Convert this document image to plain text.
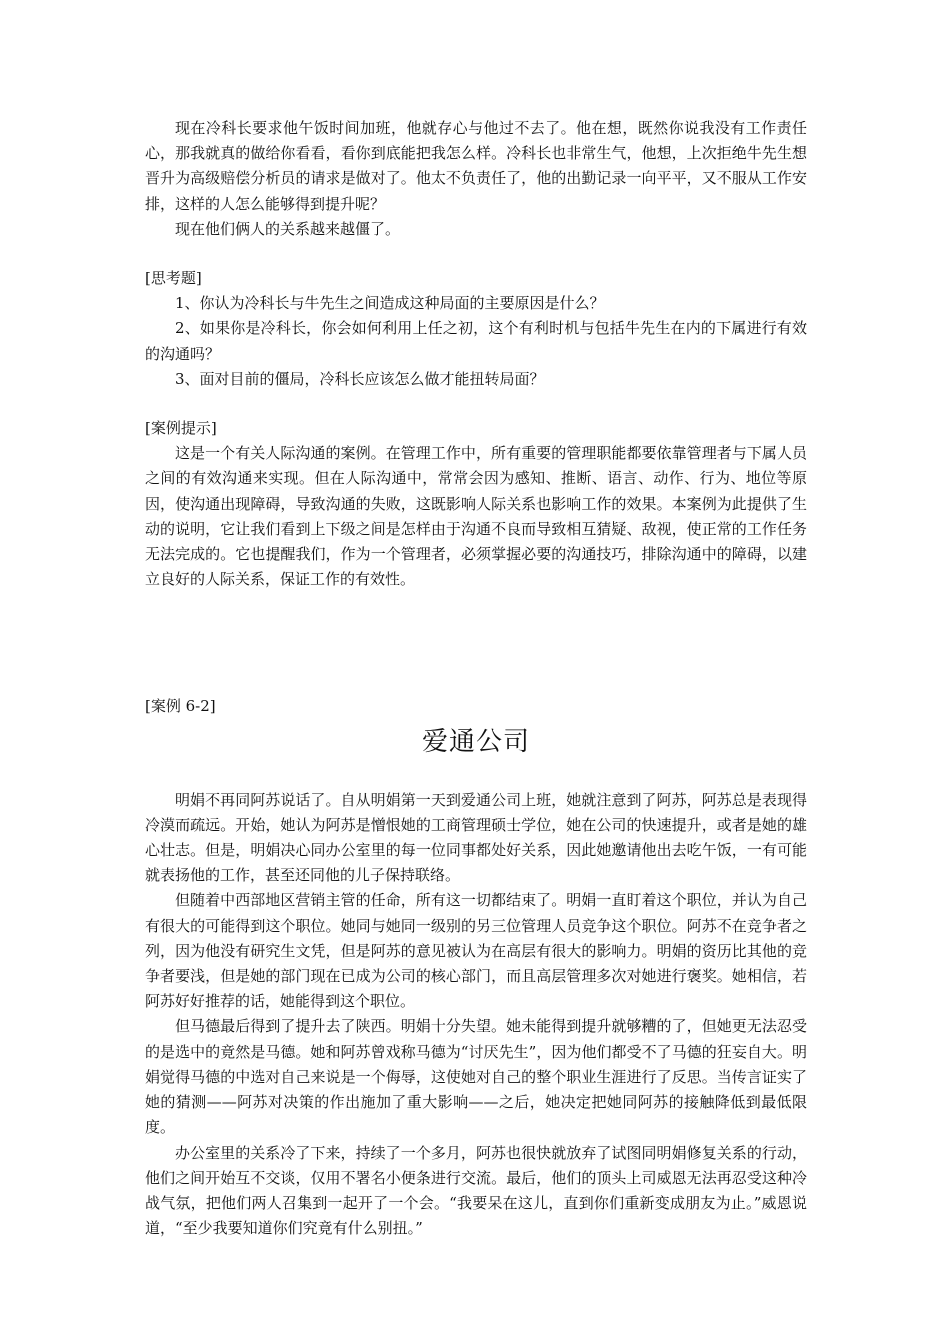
现在冷科长要求他午饭时间加班，他就存心与他过不去了。他在想，既然你说我没有工作责任心，那我就真的做给你看看，看你到底能把我怎么样。冷科长也非常生气，他想，上次拒绝牛先生想晋升为高级赔偿分析员的请求是做对了。他太不负责任了，他的出勤记录一向平平，又不服从工作安排，这样的人怎么能够得到提升呢？

现在他们俩人的关系越来越僵了。

[思考题]

1、你认为冷科长与牛先生之间造成这种局面的主要原因是什么？

2、如果你是冷科长，你会如何利用上任之初，这个有利时机与包括牛先生在内的下属进行有效的沟通吗？

3、面对目前的僵局，冷科长应该怎么做才能扭转局面？

[案例提示]

这是一个有关人际沟通的案例。在管理工作中，所有重要的管理职能都要依靠管理者与下属人员之间的有效沟通来实现。但在人际沟通中，常常会因为感知、推断、语言、动作、行为、地位等原因，使沟通出现障碍，导致沟通的失败，这既影响人际关系也影响工作的效果。本案例为此提供了生动的说明，它让我们看到上下级之间是怎样由于沟通不良而导致相互猜疑、敌视，使正常的工作任务无法完成的。它也提醒我们，作为一个管理者，必须掌握必要的沟通技巧，排除沟通中的障碍，以建立良好的人际关系，保证工作的有效性。

[案例 6-2]

爱通公司

明娟不再同阿苏说话了。自从明娟第一天到爱通公司上班，她就注意到了阿苏，阿苏总是表现得冷漠而疏远。开始，她认为阿苏是憎恨她的工商管理硕士学位，她在公司的快速提升，或者是她的雄心壮志。但是，明娟决心同办公室里的每一位同事都处好关系，因此她邀请他出去吃午饭，一有可能就表扬他的工作，甚至还同他的儿子保持联络。

但随着中西部地区营销主管的任命，所有这一切都结束了。明娟一直盯着这个职位，并认为自己有很大的可能得到这个职位。她同与她同一级别的另三位管理人员竞争这个职位。阿苏不在竞争者之列，因为他没有研究生文凭，但是阿苏的意见被认为在高层有很大的影响力。明娟的资历比其他的竞争者要浅，但是她的部门现在已成为公司的核心部门，而且高层管理多次对她进行褒奖。她相信，若阿苏好好推荐的话，她能得到这个职位。

但马德最后得到了提升去了陕西。明娟十分失望。她未能得到提升就够糟的了，但她更无法忍受的是选中的竟然是马德。她和阿苏曾戏称马德为“讨厌先生”，因为他们都受不了马德的狂妄自大。明娟觉得马德的中选对自己来说是一个侮辱，这使她对自己的整个职业生涯进行了反思。当传言证实了她的猜测——阿苏对决策的作出施加了重大影响——之后，她决定把她同阿苏的接触降低到最低限度。

办公室里的关系冷了下来，持续了一个多月，阿苏也很快就放弃了试图同明娟修复关系的行动，他们之间开始互不交谈，仅用不署名小便条进行交流。最后，他们的顶头上司威恩无法再忍受这种冷战气氛，把他们两人召集到一起开了一个会。“我要呆在这儿，直到你们重新变成朋友为止。”威恩说道，“至少我要知道你们究竟有什么别扭。”
